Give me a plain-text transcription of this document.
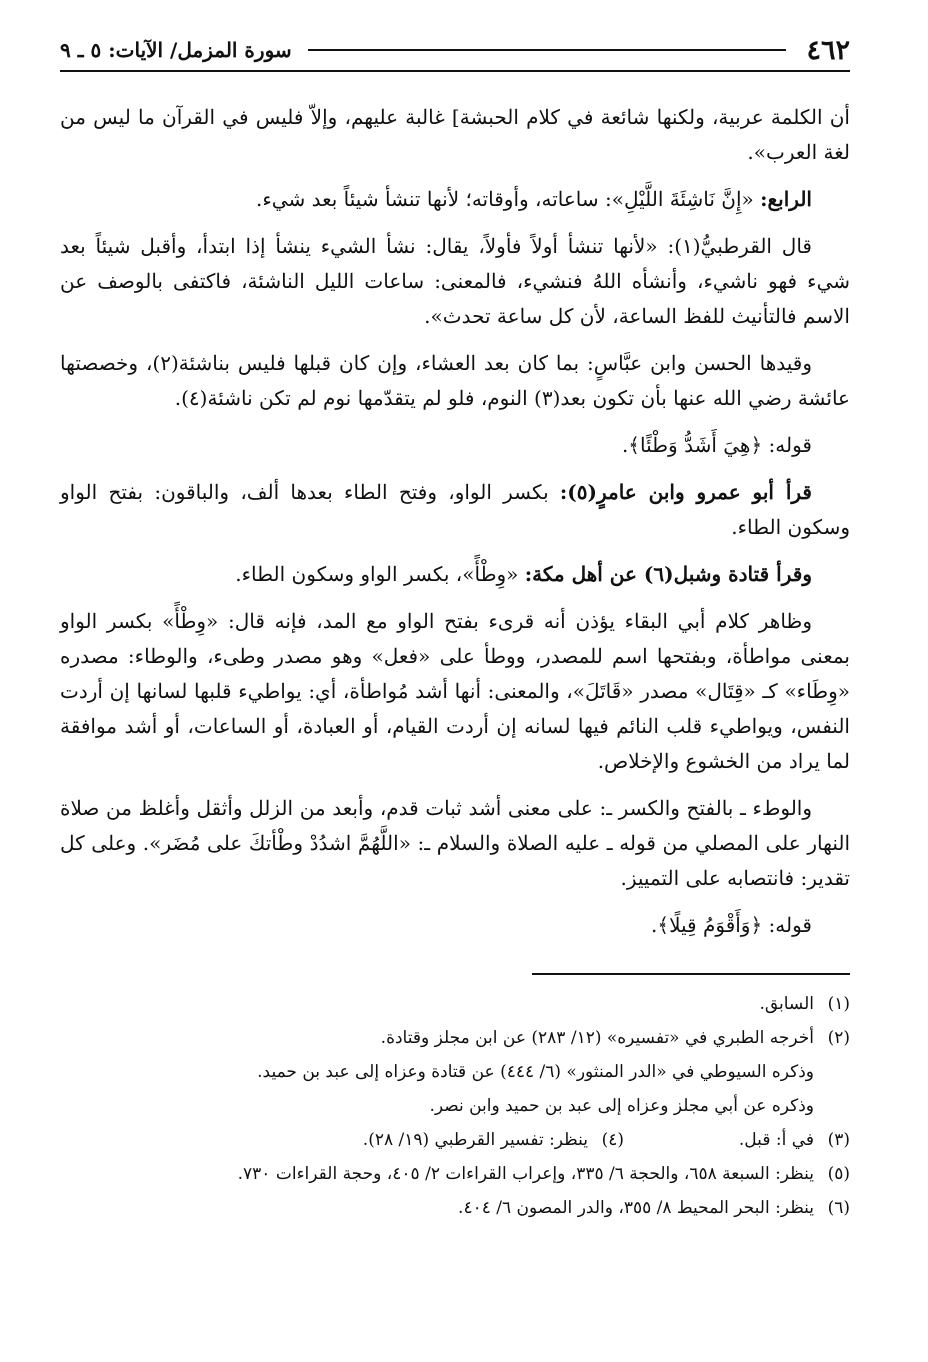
٤٦٢
سورة المزمل/ الآيات: ٥ ـ ٩

أن الكلمة عربية، ولكنها شائعة في كلام الحبشة] غالبة عليهم، وإلاّ فليس في القرآن ما ليس من لغة العرب».

الرابع: «إِنَّ نَاشِئَةَ اللَّيْلِ»: ساعاته، وأوقاته؛ لأنها تنشأ شيئاً بعد شيء.

قال القرطبيُّ(١): «لأنها تنشأ أولاً فأولاً، يقال: نشأ الشيء ينشأ إذا ابتدأ، وأقبل شيئاً بعد شيء فهو ناشيء، وأنشأه اللهُ فنشيء، فالمعنى: ساعات الليل الناشئة، فاكتفى بالوصف عن الاسم فالتأنيث للفظ الساعة، لأن كل ساعة تحدث».

وقيدها الحسن وابن عبَّاسٍ: بما كان بعد العشاء، وإن كان قبلها فليس بناشئة(٢)، وخصصتها عائشة رضي الله عنها بأن تكون بعد(٣) النوم، فلو لم يتقدّمها نوم لم تكن ناشئة(٤).

قوله: ﴿هِيَ أَشَدُّ وَطْئًا﴾.

قرأ أبو عمرو وابن عامرٍ(٥): بكسر الواو، وفتح الطاء بعدها ألف، والباقون: بفتح الواو وسكون الطاء.

وقرأ قتادة وشبل(٦) عن أهل مكة: «وِطْأً»، بكسر الواو وسكون الطاء.

وظاهر كلام أبي البقاء يؤذن أنه قرىء بفتح الواو مع المد، فإنه قال: «وِطْأً» بكسر الواو بمعنى مواطأة، وبفتحها اسم للمصدر، ووطأ على «فعل» وهو مصدر وطىء، والوطاء: مصدره «وِطَاء» كـ «قِتَال» مصدر «قَاتَلَ»، والمعنى: أنها أشد مُواطأة، أي: يواطيء قلبها لسانها إن أردت النفس، ويواطيء قلب النائم فيها لسانه إن أردت القيام، أو العبادة، أو الساعات، أو أشد موافقة لما يراد من الخشوع والإخلاص.

والوطء ـ بالفتح والكسر ـ: على معنى أشد ثبات قدم، وأبعد من الزلل وأثقل وأغلظ من صلاة النهار على المصلي من قوله ـ عليه الصلاة والسلام ـ: «اللَّهُمَّ اشدُدْ وطْأتكَ على مُضَر». وعلى كل تقدير: فانتصابه على التمييز.

قوله: ﴿وَأَقْوَمُ قِيلًا﴾.

(١)
السابق.
(٢)
أخرجه الطبري في «تفسيره» (١٢/ ٢٨٣) عن ابن مجلز وقتادة.
وذكره السيوطي في «الدر المنثور» (٦/ ٤٤٤) عن قتادة وعزاه إلى عبد بن حميد.
وذكره عن أبي مجلز وعزاه إلى عبد بن حميد وابن نصر.
(٣)
في أ: قبل.
(٤)
ينظر: تفسير القرطبي (١٩/ ٢٨).
(٥)
ينظر: السبعة ٦٥٨، والحجة ٦/ ٣٣٥، وإعراب القراءات ٢/ ٤٠٥، وحجة القراءات ٧٣٠.
(٦)
ينظر: البحر المحيط ٨/ ٣٥٥، والدر المصون ٦/ ٤٠٤.
